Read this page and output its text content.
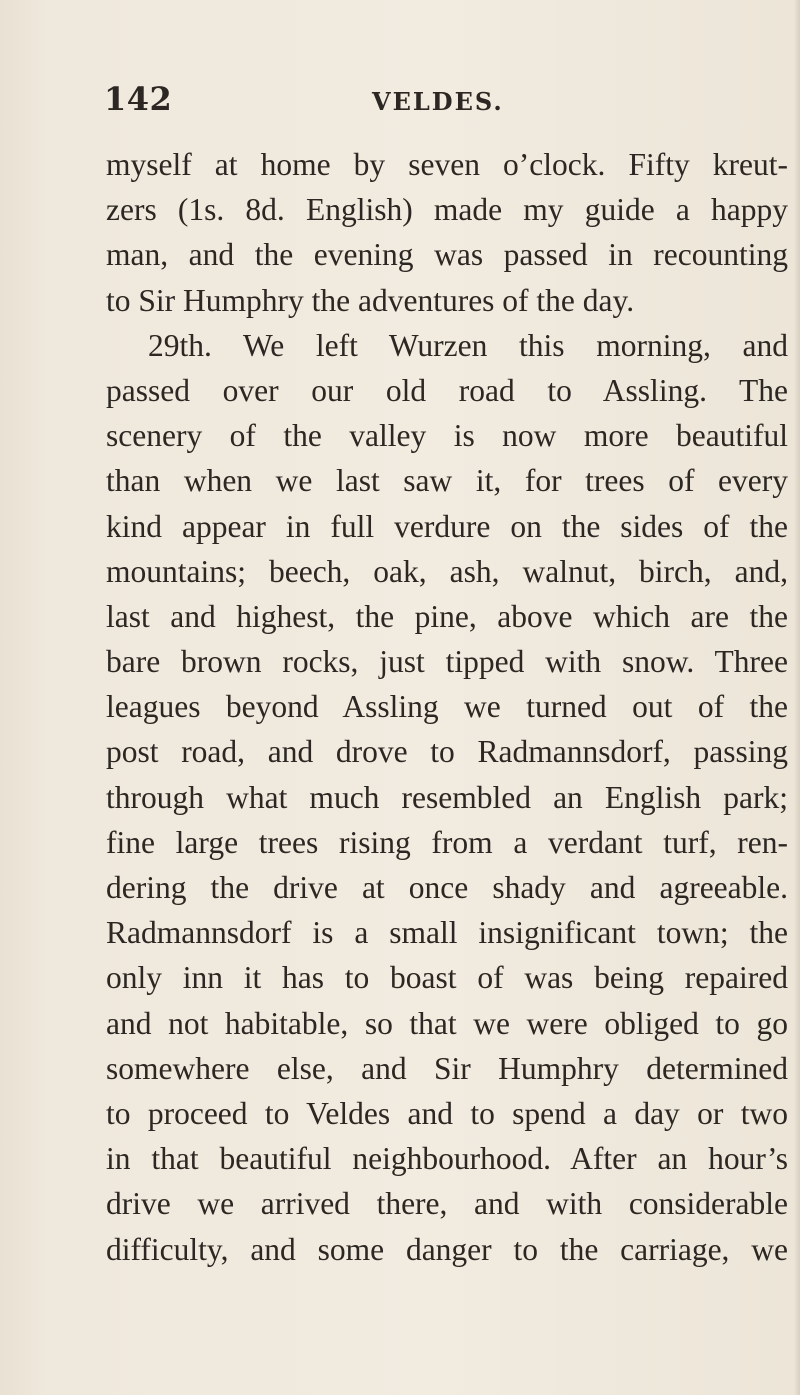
142	VELDES.
myself at home by seven o’clock. Fifty kreut-
zers (1s. 8d. English) made my guide a happy
man, and the evening was passed in recounting
to Sir Humphry the adventures of the day.
29th. We left Wurzen this morning, and
passed over our old road to Assling. The
scenery of the valley is now more beautiful
than when we last saw it, for trees of every
kind appear in full verdure on the sides of the
mountains; beech, oak, ash, walnut, birch, and,
last and highest, the pine, above which are the
bare brown rocks, just tipped with snow. Three
leagues beyond Assling we turned out of the
post road, and drove to Radmannsdorf, passing
through what much resembled an English park;
fine large trees rising from a verdant turf, ren-
dering the drive at once shady and agreeable.
Radmannsdorf is a small insignificant town; the
only inn it has to boast of was being repaired
and not habitable, so that we were obliged to go
somewhere else, and Sir Humphry determined
to proceed to Veldes and to spend a day or two
in that beautiful neighbourhood. After an hour’s
drive we arrived there, and with considerable
difficulty, and some danger to the carriage, we
